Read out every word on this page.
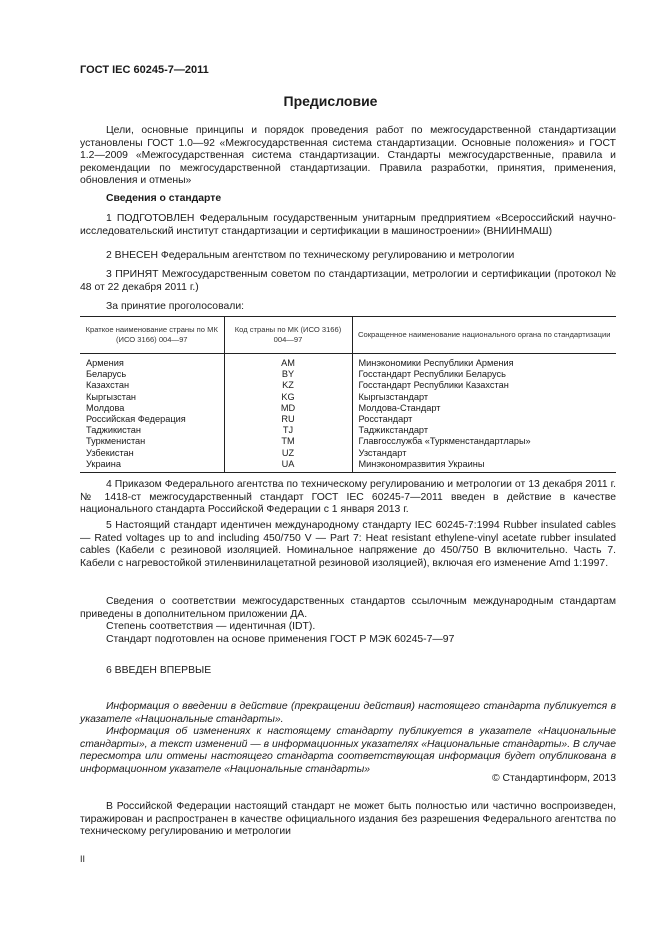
ГОСТ IEC 60245-7—2011
Предисловие
Цели, основные принципы и порядок проведения работ по межгосударственной стандартизации установлены ГОСТ 1.0—92 «Межгосударственная система стандартизации. Основные положения» и ГОСТ 1.2—2009 «Межгосударственная система стандартизации. Стандарты межгосударственные, правила и рекомендации по межгосударственной стандартизации. Правила разработки, принятия, применения, обновления и отмены»
Сведения о стандарте
1 ПОДГОТОВЛЕН Федеральным государственным унитарным предприятием «Всероссийский научно-исследовательский институт стандартизации и сертификации в машиностроении» (ВНИИНМАШ)
2 ВНЕСЕН Федеральным агентством по техническому регулированию и метрологии
3 ПРИНЯТ Межгосударственным советом по стандартизации, метрологии и сертификации (протокол № 48 от 22 декабря 2011 г.)
За принятие проголосовали:
Краткое наименование страны по МК (ИСО 3166) 004—97	Код страны по МК (ИСО 3166) 004—97	Сокращенное наименование национального органа по стандартизации
Армения	AM	Минэкономики Республики Армения
Беларусь	BY	Госстандарт Республики Беларусь
Казахстан	KZ	Госстандарт Республики Казахстан
Кыргызстан	KG	Кыргызстандарт
Молдова	MD	Молдова-Стандарт
Российская Федерация	RU	Росстандарт
Таджикистан	TJ	Таджикстандарт
Туркменистан	TM	Главгосслужба «Туркменстандартлары»
Узбекистан	UZ	Узстандарт
Украина	UA	Минэкономразвития Украины
4 Приказом Федерального агентства по техническому регулированию и метрологии от 13 декабря 2011 г. № 1418-ст межгосударственный стандарт ГОСТ IEC 60245-7—2011 введен в действие в качестве национального стандарта Российской Федерации с 1 января 2013 г.
5 Настоящий стандарт идентичен международному стандарту IEC 60245-7:1994 Rubber insulated cables — Rated voltages up to and including 450/750 V — Part 7: Heat resistant ethylene-vinyl acetate rubber insulated cables (Кабели с резиновой изоляцией. Номинальное напряжение до 450/750 В включительно. Часть 7. Кабели с нагревостойкой этиленвинилацетатной резиновой изоляцией), включая его изменение Amd 1:1997.
Сведения о соответствии межгосударственных стандартов ссылочным международным стандартам приведены в дополнительном приложении ДА.
Степень соответствия — идентичная (IDT).
Стандарт подготовлен на основе применения ГОСТ Р МЭК 60245-7—97
6 ВВЕДЕН ВПЕРВЫЕ
Информация о введении в действие (прекращении действия) настоящего стандарта публикуется в указателе «Национальные стандарты».
Информация об изменениях к настоящему стандарту публикуется в указателе «Национальные стандарты», а текст изменений — в информационных указателях «Национальные стандарты». В случае пересмотра или отмены настоящего стандарта соответствующая информация будет опубликована в информационном указателе «Национальные стандарты»
© Стандартинформ, 2013
В Российской Федерации настоящий стандарт не может быть полностью или частично воспроизведен, тиражирован и распространен в качестве официального издания без разрешения Федерального агентства по техническому регулированию и метрологии
II
